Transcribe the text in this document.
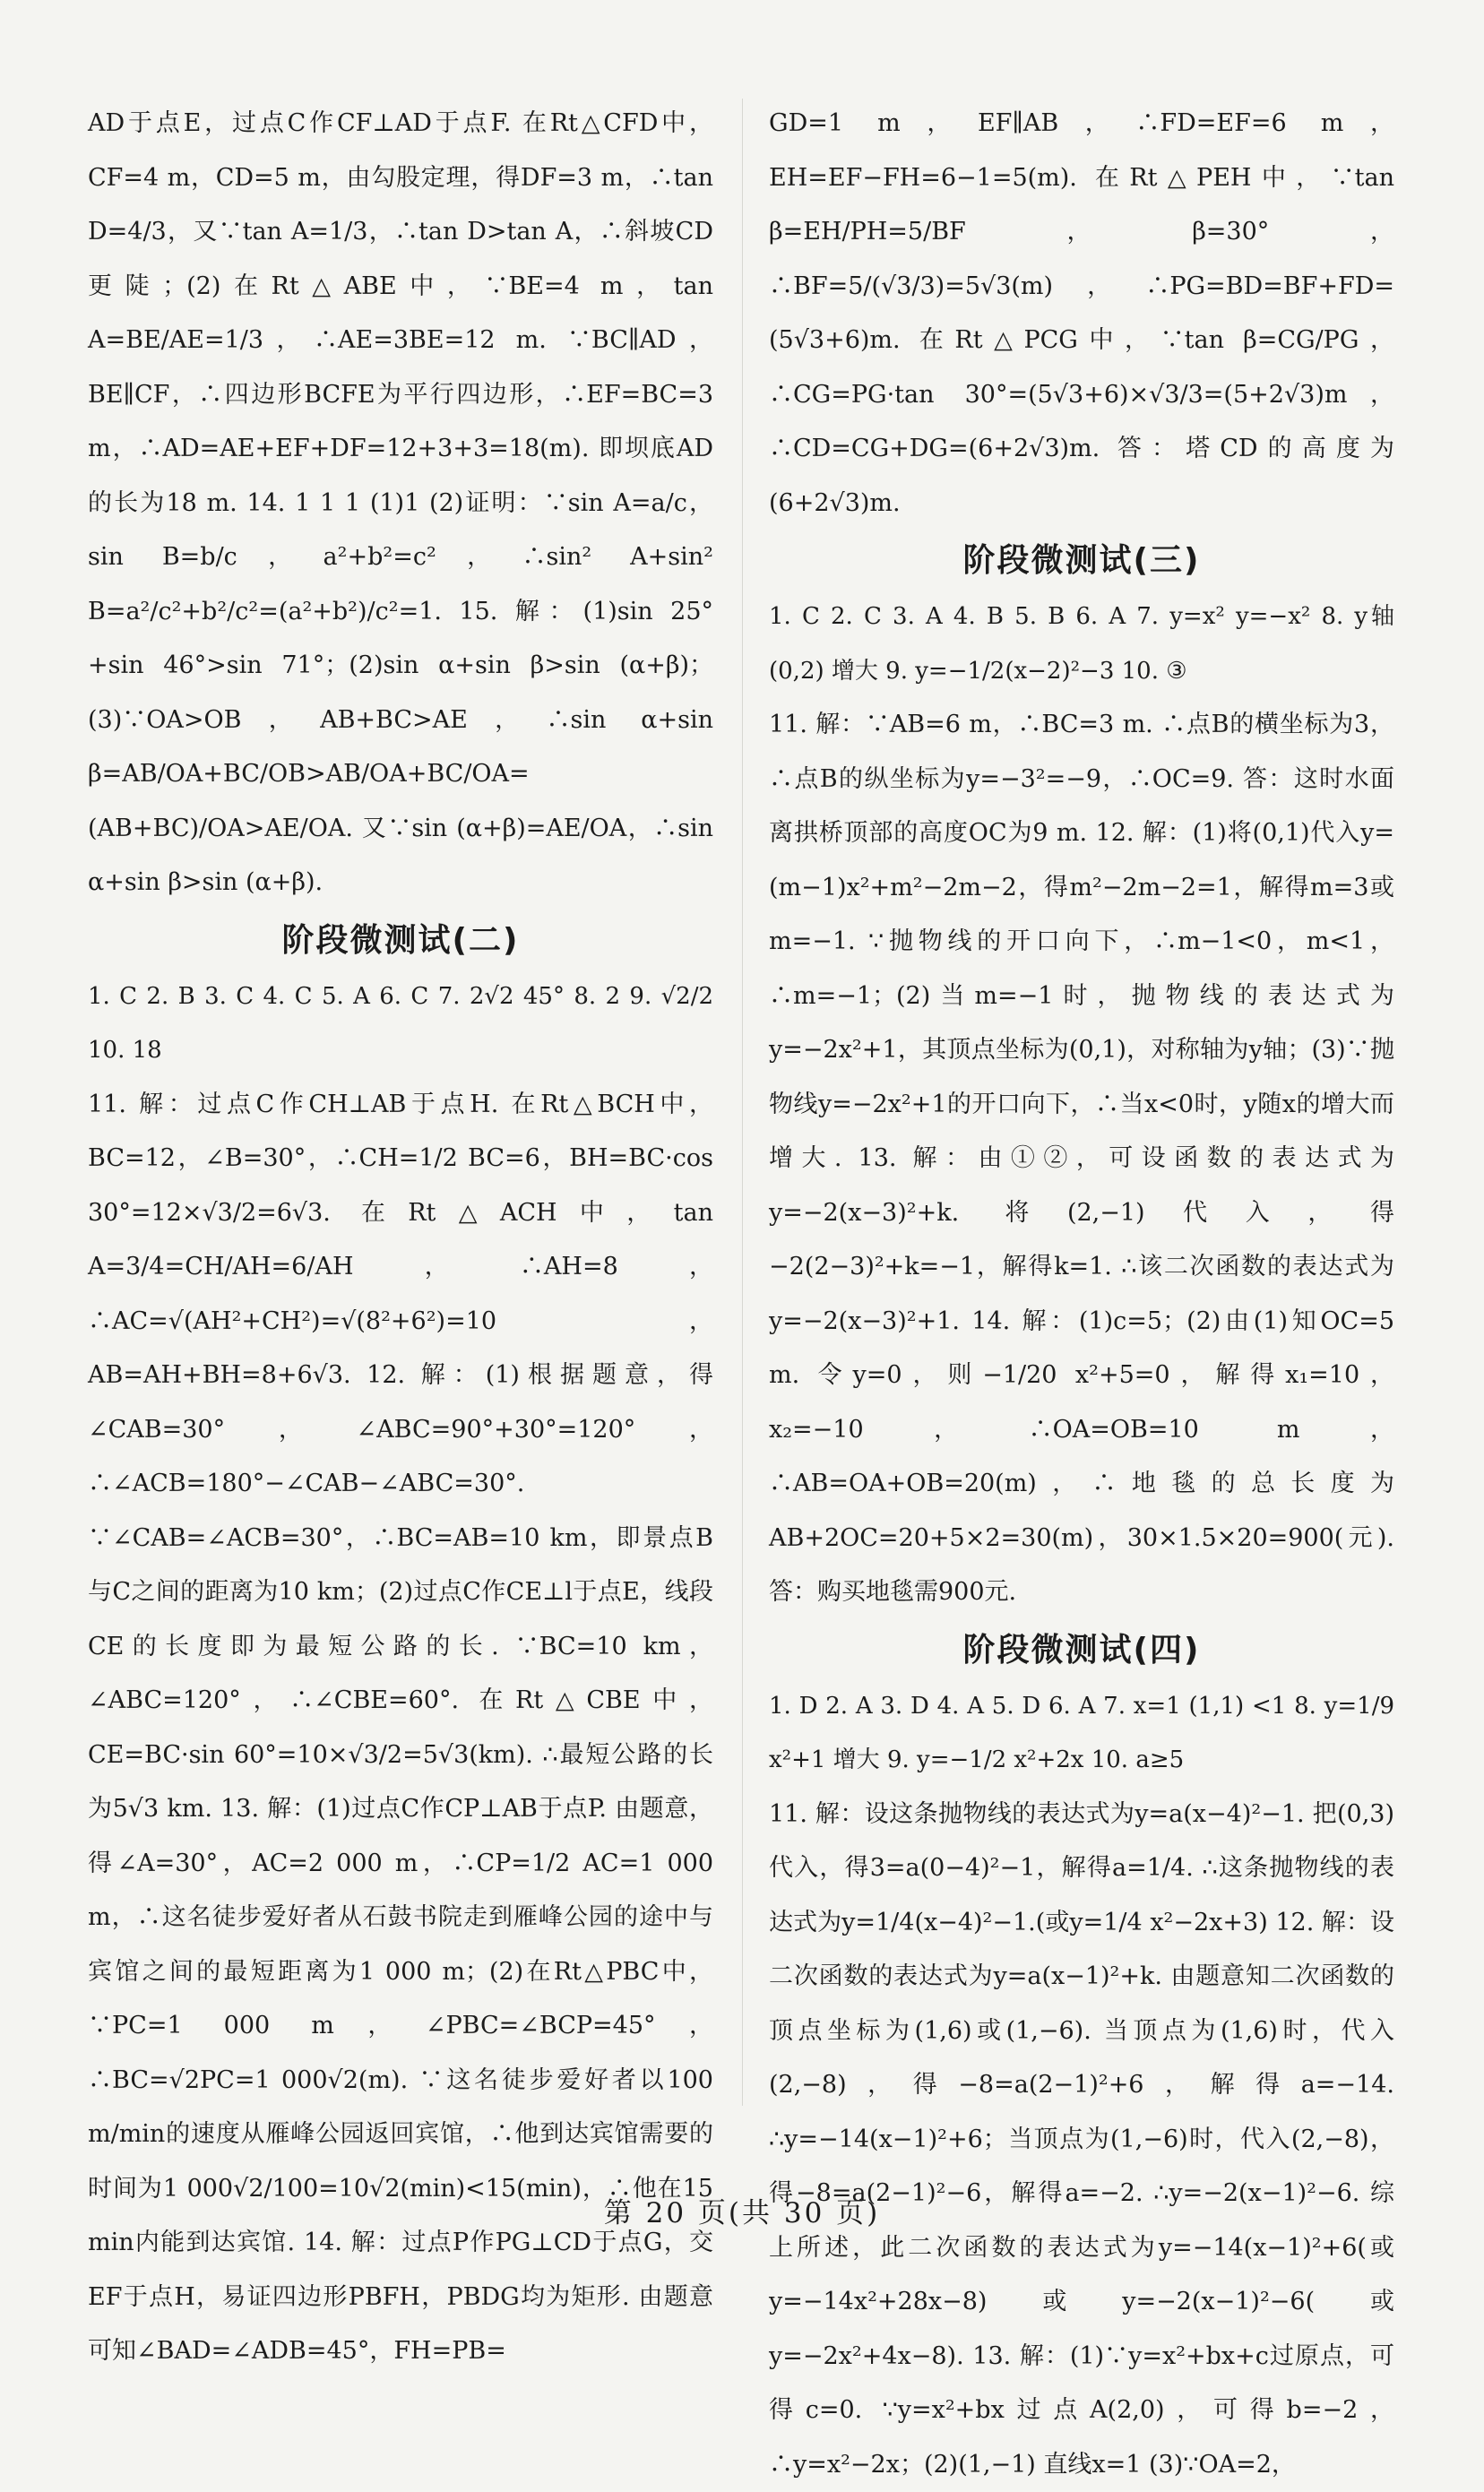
AD于点E，过点C作CF⊥AD于点F. 在Rt△CFD中，CF=4 m，CD=5 m，由勾股定理，得DF=3 m，∴tan D=4/3，又∵tan A=1/3，∴tan D>tan A，∴斜坡CD更陡；(2)在Rt△ABE中，∵BE=4 m，tan A=BE/AE=1/3，∴AE=3BE=12 m. ∵BC∥AD，BE∥CF，∴四边形BCFE为平行四边形，∴EF=BC=3 m，∴AD=AE+EF+DF=12+3+3=18(m). 即坝底AD的长为18 m. 14. 1 1 1 (1)1 (2)证明：∵sin A=a/c，sin B=b/c，a²+b²=c²，∴sin² A+sin² B=a²/c²+b²/c²=(a²+b²)/c²=1. 15. 解：(1)sin 25°+sin 46°>sin 71°；(2)sin α+sin β>sin (α+β)；(3)∵OA>OB，AB+BC>AE，∴sin α+sin β=AB/OA+BC/OB>AB/OA+BC/OA=(AB+BC)/OA>AE/OA. 又∵sin (α+β)=AE/OA，∴sin α+sin β>sin (α+β).

阶段微测试(二)

1. C 2. B 3. C 4. C 5. A 6. C 7. 2√2 45° 8. 2 9. √2/2 10. 18

11. 解：过点C作CH⊥AB于点H. 在Rt△BCH中，BC=12，∠B=30°，∴CH=1/2 BC=6，BH=BC·cos 30°=12×√3/2=6√3. 在Rt△ACH中，tan A=3/4=CH/AH=6/AH，∴AH=8，∴AC=√(AH²+CH²)=√(8²+6²)=10，AB=AH+BH=8+6√3. 12. 解：(1)根据题意，得∠CAB=30°，∠ABC=90°+30°=120°，∴∠ACB=180°−∠CAB−∠ABC=30°. ∵∠CAB=∠ACB=30°，∴BC=AB=10 km，即景点B与C之间的距离为10 km；(2)过点C作CE⊥l于点E，线段CE的长度即为最短公路的长. ∵BC=10 km，∠ABC=120°，∴∠CBE=60°. 在Rt△CBE中，CE=BC·sin 60°=10×√3/2=5√3(km). ∴最短公路的长为5√3 km. 13. 解：(1)过点C作CP⊥AB于点P. 由题意，得∠A=30°，AC=2 000 m，∴CP=1/2 AC=1 000 m，∴这名徒步爱好者从石鼓书院走到雁峰公园的途中与宾馆之间的最短距离为1 000 m；(2)在Rt△PBC中，∵PC=1 000 m，∠PBC=∠BCP=45°，∴BC=√2PC=1 000√2(m). ∵这名徒步爱好者以100 m/min的速度从雁峰公园返回宾馆，∴他到达宾馆需要的时间为1 000√2/100=10√2(min)<15(min)，∴他在15 min内能到达宾馆. 14. 解：过点P作PG⊥CD于点G，交EF于点H，易证四边形PBFH，PBDG均为矩形. 由题意可知∠BAD=∠ADB=45°，FH=PB=

GD=1 m，EF∥AB，∴FD=EF=6 m，EH=EF−FH=6−1=5(m). 在Rt△PEH中，∵tan β=EH/PH=5/BF，β=30°，∴BF=5/(√3/3)=5√3(m)，∴PG=BD=BF+FD=(5√3+6)m. 在Rt△PCG中，∵tan β=CG/PG，∴CG=PG·tan 30°=(5√3+6)×√3/3=(5+2√3)m，∴CD=CG+DG=(6+2√3)m. 答：塔CD的高度为(6+2√3)m.

阶段微测试(三)

1. C 2. C 3. A 4. B 5. B 6. A 7. y=x² y=−x² 8. y轴 (0,2) 增大 9. y=−1/2(x−2)²−3 10. ③

11. 解：∵AB=6 m，∴BC=3 m. ∴点B的横坐标为3，∴点B的纵坐标为y=−3²=−9，∴OC=9. 答：这时水面离拱桥顶部的高度OC为9 m. 12. 解：(1)将(0,1)代入y=(m−1)x²+m²−2m−2，得m²−2m−2=1，解得m=3或m=−1. ∵抛物线的开口向下，∴m−1<0，m<1，∴m=−1；(2)当m=−1时，抛物线的表达式为y=−2x²+1，其顶点坐标为(0,1)，对称轴为y轴；(3)∵抛物线y=−2x²+1的开口向下，∴当x<0时，y随x的增大而增大. 13. 解：由①②，可设函数的表达式为y=−2(x−3)²+k. 将(2,−1)代入，得−2(2−3)²+k=−1，解得k=1. ∴该二次函数的表达式为y=−2(x−3)²+1. 14. 解：(1)c=5；(2)由(1)知OC=5 m. 令y=0，则−1/20 x²+5=0，解得x₁=10，x₂=−10，∴OA=OB=10 m，∴AB=OA+OB=20(m)，∴地毯的总长度为AB+2OC=20+5×2=30(m)，30×1.5×20=900(元). 答：购买地毯需900元.

阶段微测试(四)

1. D 2. A 3. D 4. A 5. D 6. A 7. x=1 (1,1) <1 8. y=1/9 x²+1 增大 9. y=−1/2 x²+2x 10. a≥5

11. 解：设这条抛物线的表达式为y=a(x−4)²−1. 把(0,3)代入，得3=a(0−4)²−1，解得a=1/4. ∴这条抛物线的表达式为y=1/4(x−4)²−1.(或y=1/4 x²−2x+3) 12. 解：设二次函数的表达式为y=a(x−1)²+k. 由题意知二次函数的顶点坐标为(1,6)或(1,−6). 当顶点为(1,6)时，代入(2,−8)，得−8=a(2−1)²+6，解得a=−14. ∴y=−14(x−1)²+6；当顶点为(1,−6)时，代入(2,−8)，得−8=a(2−1)²−6，解得a=−2. ∴y=−2(x−1)²−6. 综上所述，此二次函数的表达式为y=−14(x−1)²+6(或y=−14x²+28x−8)或y=−2(x−1)²−6(或y=−2x²+4x−8). 13. 解：(1)∵y=x²+bx+c过原点，可得c=0. ∵y=x²+bx过点A(2,0)，可得b=−2，∴y=x²−2x；(2)(1,−1) 直线x=1 (3)∵OA=2，

第 20 页(共 30 页)
